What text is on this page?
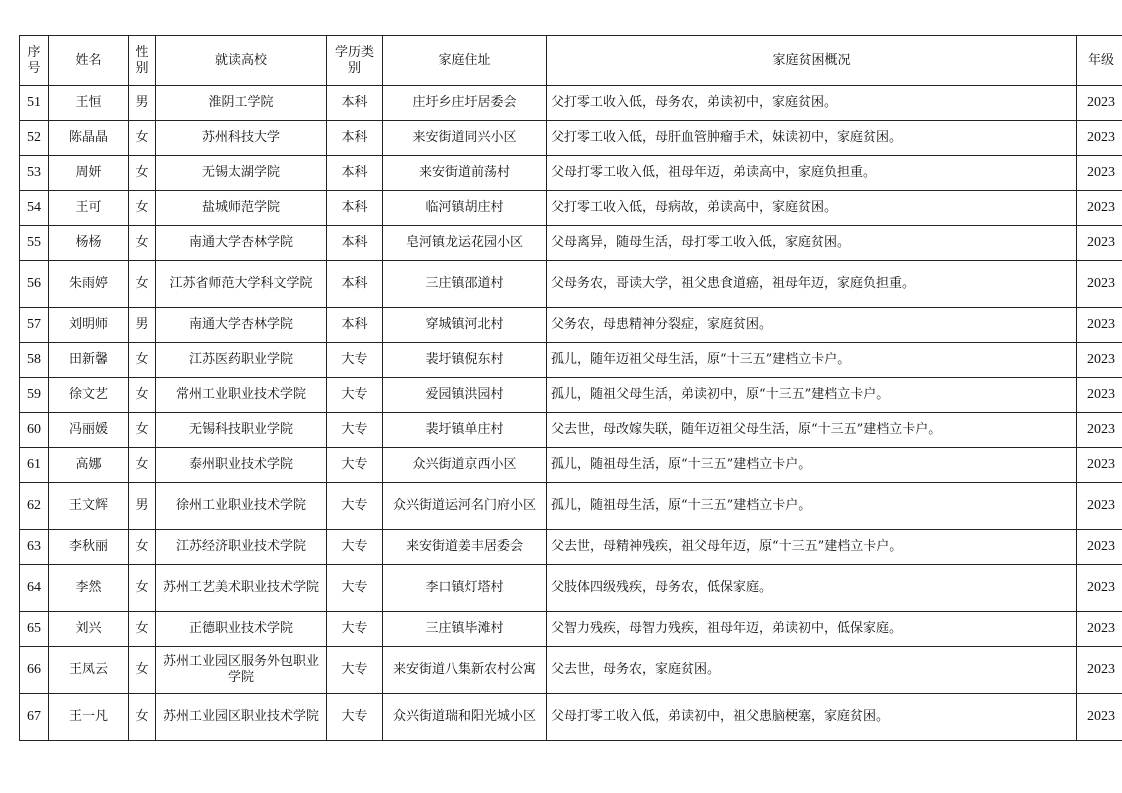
序号	姓名	性别	就读高校	学历类别	家庭住址	家庭贫困概况	年级
51	王恒	男	淮阴工学院	本科	庄圩乡庄圩居委会	父打零工收入低，母务农，弟读初中，家庭贫困。	2023
52	陈晶晶	女	苏州科技大学	本科	来安街道同兴小区	父打零工收入低，母肝血管肿瘤手术，妹读初中，家庭贫困。	2023
53	周妍	女	无锡太湖学院	本科	来安街道前荡村	父母打零工收入低，祖母年迈，弟读高中，家庭负担重。	2023
54	王可	女	盐城师范学院	本科	临河镇胡庄村	父打零工收入低，母病故，弟读高中，家庭贫困。	2023
55	杨杨	女	南通大学杏林学院	本科	皂河镇龙运花园小区	父母离异，随母生活，母打零工收入低，家庭贫困。	2023
56	朱雨婷	女	江苏省师范大学科文学院	本科	三庄镇邵道村	父母务农，哥读大学，祖父患食道癌，祖母年迈，家庭负担重。	2023
57	刘明师	男	南通大学杏林学院	本科	穿城镇河北村	父务农，母患精神分裂症，家庭贫困。	2023
58	田新馨	女	江苏医药职业学院	大专	裴圩镇倪东村	孤儿，随年迈祖父母生活，原“十三五”建档立卡户。	2023
59	徐文艺	女	常州工业职业技术学院	大专	爱园镇洪园村	孤儿，随祖父母生活，弟读初中，原“十三五”建档立卡户。	2023
60	冯丽媛	女	无锡科技职业学院	大专	裴圩镇单庄村	父去世，母改嫁失联，随年迈祖父母生活，原“十三五”建档立卡户。	2023
61	高娜	女	泰州职业技术学院	大专	众兴街道京西小区	孤儿，随祖母生活，原“十三五”建档立卡户。	2023
62	王文辉	男	徐州工业职业技术学院	大专	众兴街道运河名门府小区	孤儿，随祖母生活，原“十三五”建档立卡户。	2023
63	李秋丽	女	江苏经济职业技术学院	大专	来安街道姜丰居委会	父去世，母精神残疾，祖父母年迈，原“十三五”建档立卡户。	2023
64	李然	女	苏州工艺美术职业技术学院	大专	李口镇灯塔村	父肢体四级残疾，母务农，低保家庭。	2023
65	刘兴	女	正德职业技术学院	大专	三庄镇毕滩村	父智力残疾，母智力残疾，祖母年迈，弟读初中，低保家庭。	2023
66	王凤云	女	苏州工业园区服务外包职业学院	大专	来安街道八集新农村公寓	父去世，母务农，家庭贫困。	2023
67	王一凡	女	苏州工业园区职业技术学院	大专	众兴街道瑞和阳光城小区	父母打零工收入低，弟读初中，祖父患脑梗塞，家庭贫困。	2023
